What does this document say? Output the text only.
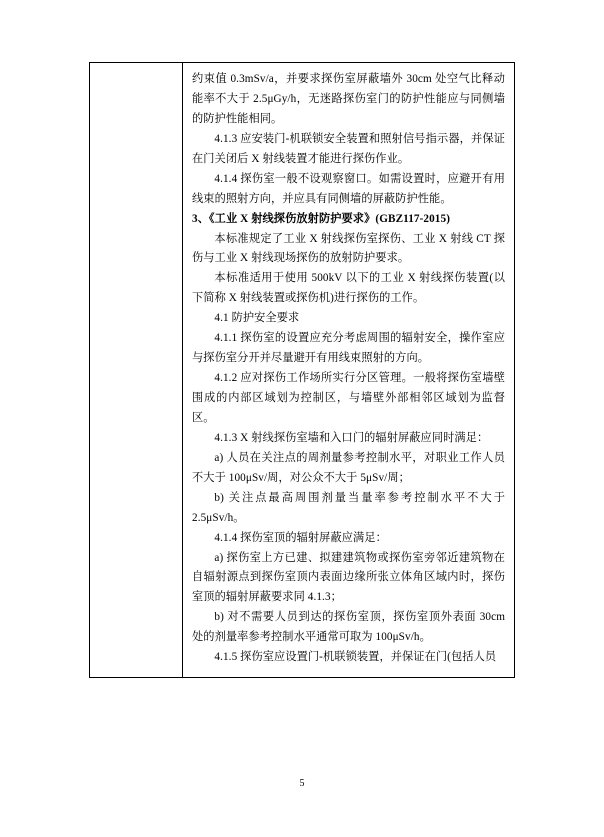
约束值 0.3mSv/a，并要求探伤室屏蔽墙外 30cm 处空气比释动能率不大于 2.5μGy/h，无迷路探伤室门的防护性能应与同侧墙的防护性能相同。

4.1.3 应安装门-机联锁安全装置和照射信号指示器，并保证在门关闭后 X 射线装置才能进行探伤作业。

4.1.4 探伤室一般不设观察窗口。如需设置时，应避开有用线束的照射方向，并应具有同侧墙的屏蔽防护性能。

3、《工业 X 射线探伤放射防护要求》(GBZ117-2015)

本标准规定了工业 X 射线探伤室探伤、工业 X 射线 CT 探伤与工业 X 射线现场探伤的放射防护要求。

本标准适用于使用 500kV 以下的工业 X 射线探伤装置(以下简称 X 射线装置或探伤机)进行探伤的工作。

4.1 防护安全要求

4.1.1 探伤室的设置应充分考虑周围的辐射安全，操作室应与探伤室分开并尽量避开有用线束照射的方向。

4.1.2 应对探伤工作场所实行分区管理。一般将探伤室墙壁围成的内部区域划为控制区，与墙壁外部相邻区域划为监督区。

4.1.3 X 射线探伤室墙和入口门的辐射屏蔽应同时满足：

a) 人员在关注点的周剂量参考控制水平，对职业工作人员不大于 100μSv/周，对公众不大于 5μSv/周；

b) 关注点最高周围剂量当量率参考控制水平不大于 2.5μSv/h。

4.1.4 探伤室顶的辐射屏蔽应满足：

a) 探伤室上方已建、拟建建筑物或探伤室旁邻近建筑物在自辐射源点到探伤室顶内表面边缘所张立体角区域内时，探伤室顶的辐射屏蔽要求同 4.1.3；

b) 对不需要人员到达的探伤室顶，探伤室顶外表面 30cm 处的剂量率参考控制水平通常可取为 100μSv/h。

4.1.5 探伤室应设置门-机联锁装置，并保证在门(包括人员

5
